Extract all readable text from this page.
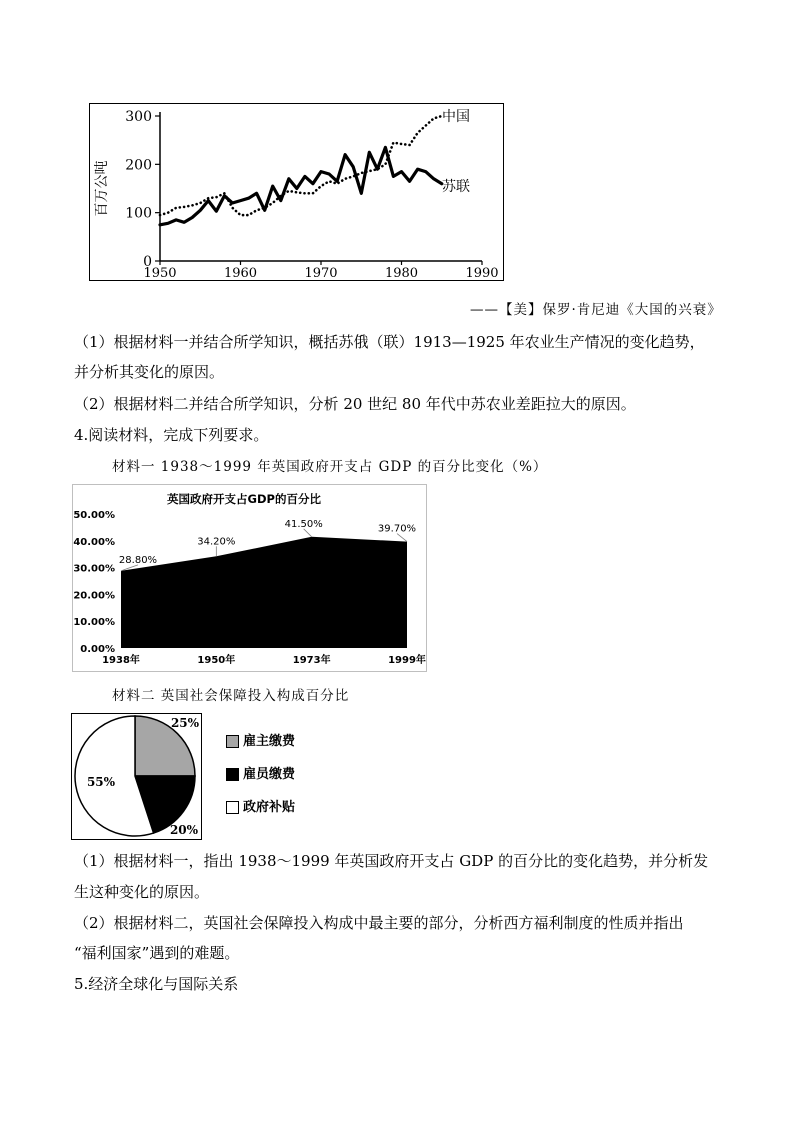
0
100
200
300
1950	1960	1970	1980	1990
百万公吨
中国
苏联
——【美】保罗·肯尼迪《大国的兴衰》
（1）根据材料一并结合所学知识，概括苏俄（联）1913—1925 年农业生产情况的变化趋势，
并分析其变化的原因。
（2）根据材料二并结合所学知识，分析 20 世纪 80 年代中苏农业差距拉大的原因。
4.阅读材料，完成下列要求。
材料一 1938～1999 年英国政府开支占 GDP 的百分比变化（%）
英国政府开支占GDP的百分比
0.00%
10.00%
20.00%
30.00%
40.00%
50.00%
1938年	1950年	1973年	1999年
28.80%
34.20%
41.50%	39.70%
材料二 英国社会保障投入构成百分比
25%
20%
55%
雇主缴费
雇员缴费
政府补贴
（1）根据材料一，指出 1938～1999 年英国政府开支占 GDP 的百分比的变化趋势，并分析发
生这种变化的原因。
（2）根据材料二，英国社会保障投入构成中最主要的部分，分析西方福利制度的性质并指出
“福利国家”遇到的难题。
5.经济全球化与国际关系
